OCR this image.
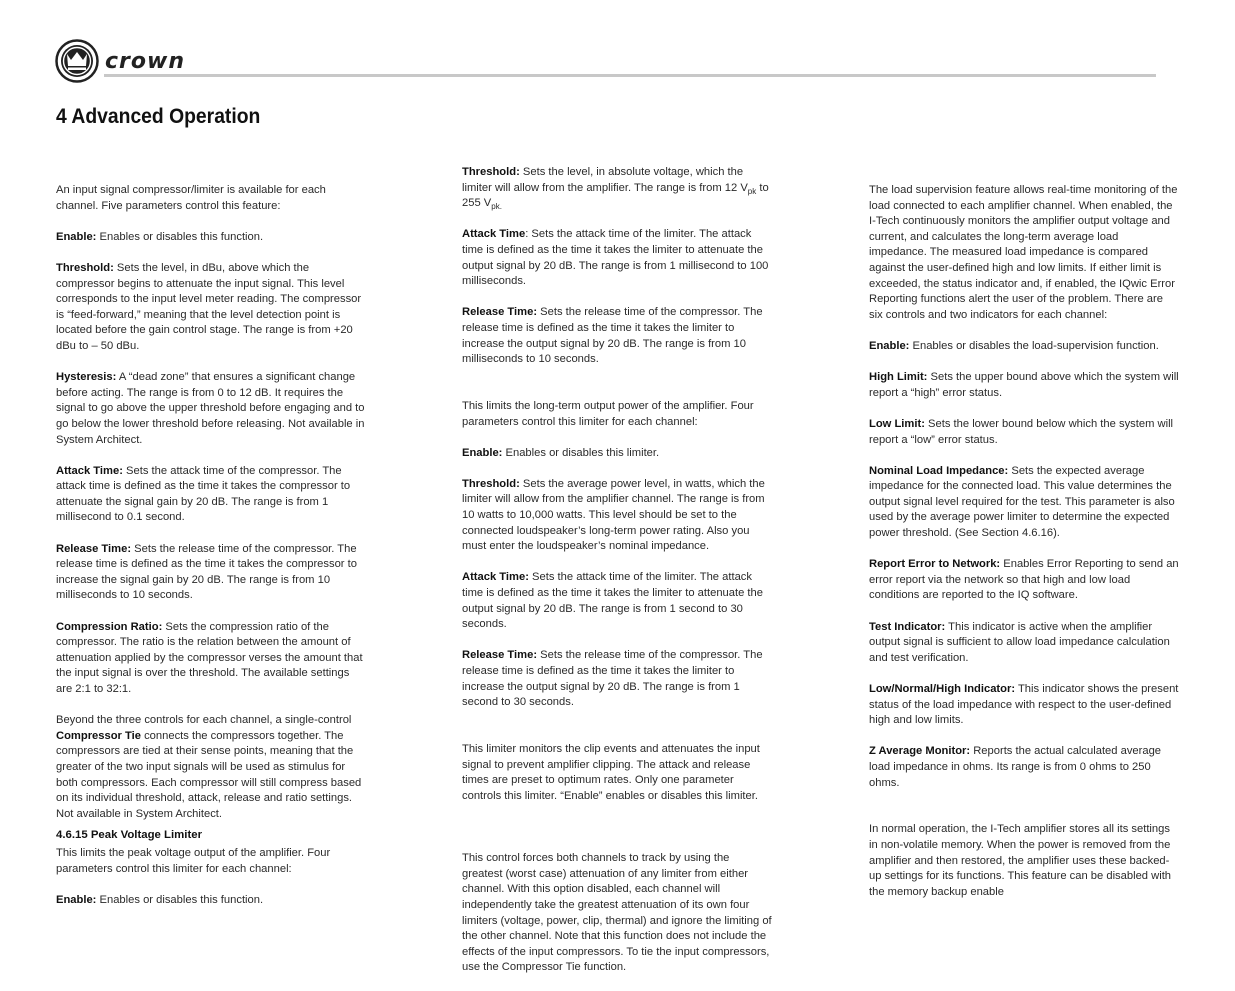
crown
4 Advanced Operation

An input signal compressor/limiter is available for each channel. Five parameters control this feature:

Enable: Enables or disables this function.

Threshold: Sets the level, in dBu, above which the compressor begins to attenuate the input signal. This level corresponds to the input level meter reading. The compressor is “feed-forward,” meaning that the level detection point is located before the gain control stage. The range is from +20 dBu to – 50 dBu.

Hysteresis: A “dead zone” that ensures a significant change before acting. The range is from 0 to 12 dB. It requires the signal to go above the upper threshold before engaging and to go below the lower threshold before releasing. Not available in System Architect.

Attack Time: Sets the attack time of the compressor. The attack time is defined as the time it takes the compressor to attenuate the signal gain by 20 dB. The range is from 1 millisecond to 0.1 second.

Release Time: Sets the release time of the compressor. The release time is defined as the time it takes the compressor to increase the signal gain by 20 dB. The range is from 10 milliseconds to 10 seconds.

Compression Ratio: Sets the compression ratio of the compressor. The ratio is the relation between the amount of attenuation applied by the compressor verses the amount that the input signal is over the threshold. The available settings are 2:1 to 32:1.

Beyond the three controls for each channel, a single-control Compressor Tie connects the compressors together. The compressors are tied at their sense points, meaning that the greater of the two input signals will be used as stimulus for both compressors. Each compressor will still compress based on its individual threshold, attack, release and ratio settings. Not available in System Architect.

4.6.15 Peak Voltage Limiter

This limits the peak voltage output of the amplifier. Four parameters control this limiter for each channel:

Enable: Enables or disables this function.

Threshold: Sets the level, in absolute voltage, which the limiter will allow from the amplifier. The range is from 12 $V_{pk}$ to 255 $V_{pk.}$

Attack Time: Sets the attack time of the limiter. The attack time is defined as the time it takes the limiter to attenuate the output signal by 20 dB. The range is from 1 millisecond to 100 milliseconds.

Release Time: Sets the release time of the compressor. The release time is defined as the time it takes the limiter to increase the output signal by 20 dB. The range is from 10 milliseconds to 10 seconds.

This limits the long-term output power of the amplifier. Four parameters control this limiter for each channel:

Enable: Enables or disables this limiter.

Threshold: Sets the average power level, in watts, which the limiter will allow from the amplifier channel. The range is from 10 watts to 10,000 watts. This level should be set to the connected loudspeaker’s long-term power rating. Also you must enter the loudspeaker’s nominal impedance.

Attack Time: Sets the attack time of the limiter. The attack time is defined as the time it takes the limiter to attenuate the output signal by 20 dB. The range is from 1 second to 30 seconds.

Release Time: Sets the release time of the compressor. The release time is defined as the time it takes the limiter to increase the output signal by 20 dB. The range is from 1 second to 30 seconds.

This limiter monitors the clip events and attenuates the input signal to prevent amplifier clipping. The attack and release times are preset to optimum rates. Only one parameter controls this limiter. “Enable” enables or disables this limiter.

This control forces both channels to track by using the greatest (worst case) attenuation of any limiter from either channel. With this option disabled, each channel will independently take the greatest attenuation of its own four limiters (voltage, power, clip, thermal) and ignore the limiting of the other channel. Note that this function does not include the effects of the input compressors. To tie the input compressors, use the Compressor Tie function.

The load supervision feature allows real-time monitoring of the load connected to each amplifier channel. When enabled, the I-Tech continuously monitors the amplifier output voltage and current, and calculates the long-term average load impedance. The measured load impedance is compared against the user-defined high and low limits. If either limit is exceeded, the status indicator and, if enabled, the IQwic Error Reporting functions alert the user of the problem. There are six controls and two indicators for each channel:

Enable: Enables or disables the load-supervision function.

High Limit: Sets the upper bound above which the system will report a “high” error status.

Low Limit: Sets the lower bound below which the system will report a “low” error status.

Nominal Load Impedance: Sets the expected average impedance for the connected load. This value determines the output signal level required for the test. This parameter is also used by the average power limiter to determine the expected power threshold. (See Section 4.6.16).

Report Error to Network: Enables Error Reporting to send an error report via the network so that high and low load conditions are reported to the IQ software.

Test Indicator: This indicator is active when the amplifier output signal is sufficient to allow load impedance calculation and test verification.

Low/Normal/High Indicator: This indicator shows the present status of the load impedance with respect to the user-defined high and low limits.

Z Average Monitor: Reports the actual calculated average load impedance in ohms. Its range is from 0 ohms to 250 ohms.

In normal operation, the I-Tech amplifier stores all its settings in non-volatile memory. When the power is removed from the amplifier and then restored, the amplifier uses these backed-up settings for its functions. This feature can be disabled with the memory backup enable
